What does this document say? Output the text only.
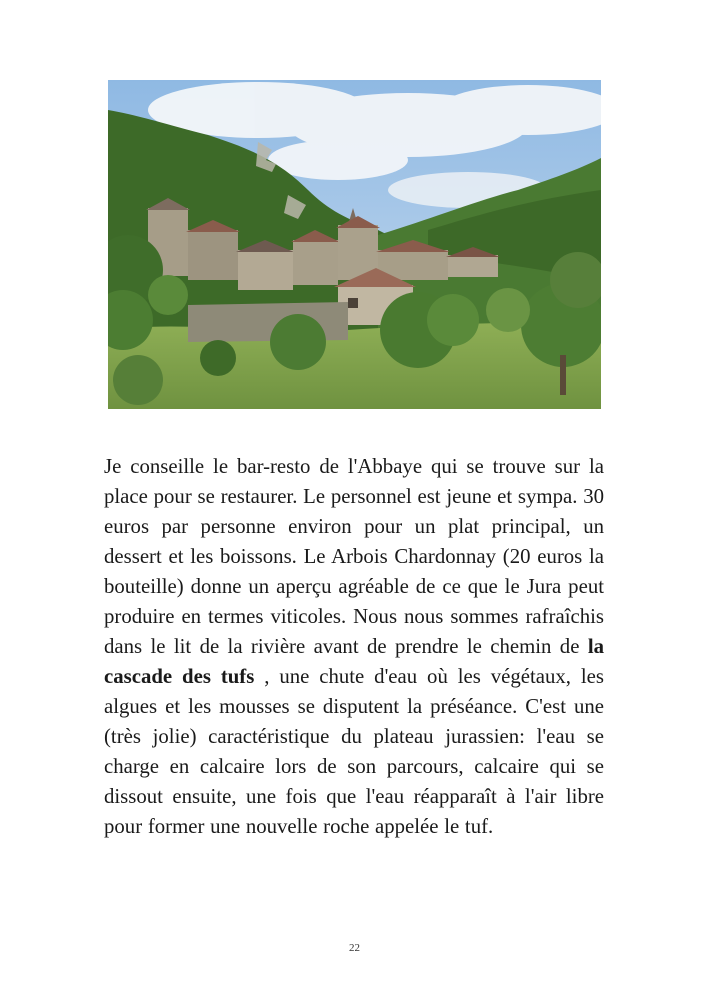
Je conseille le bar-resto de l'Abbaye qui se trouve sur la place pour se restaurer. Le personnel est jeune et sympa. 30 euros par personne environ pour un plat principal, un dessert et les boissons. Le Arbois Chardonnay (20 euros la bouteille) donne un aperçu agréable de ce que le Jura peut produire en termes viticoles. Nous nous sommes rafraîchis dans le lit de la rivière avant de prendre le chemin de la cascade des tufs , une chute d'eau où les végétaux, les algues et les mousses se disputent la préséance. C'est une (très jolie) caractéristique du plateau jurassien: l'eau se charge en calcaire lors de son parcours, calcaire qui se dissout ensuite, une fois que l'eau réapparaît à l'air libre pour former une nouvelle roche appelée le tuf.

22
